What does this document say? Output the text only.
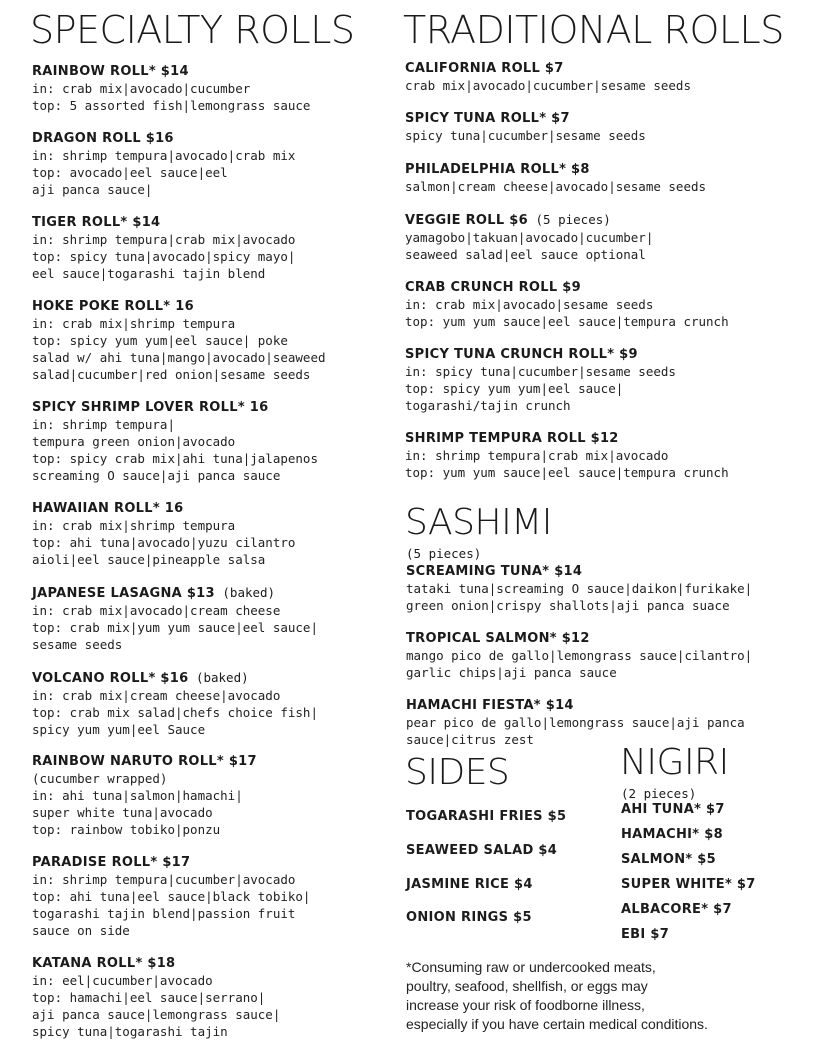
SPECIALTY ROLLS TRADITIONAL ROLLS
SASHIMI
(5 pieces)
SIDES	NIGIRI
(2 pieces)
RAINBOW ROLL* $14
in: crab mix|avocado|cucumber
top: 5 assorted fish|lemongrass sauce
DRAGON ROLL $16
in: shrimp tempura|avocado|crab mix
top: avocado|eel sauce|eel
aji panca sauce|
TIGER ROLL* $14
in: shrimp tempura|crab mix|avocado
top: spicy tuna|avocado|spicy mayo|
eel sauce|togarashi tajin blend
HOKE POKE ROLL* 16
in: crab mix|shrimp tempura
top: spicy yum yum|eel sauce| poke
salad w/ ahi tuna|mango|avocado|seaweed
salad|cucumber|red onion|sesame seeds
SPICY SHRIMP LOVER ROLL* 16
in: shrimp tempura|
tempura green onion|avocado
top: spicy crab mix|ahi tuna|jalapenos
screaming O sauce|aji panca sauce
HAWAIIAN ROLL* 16
in: crab mix|shrimp tempura
top: ahi tuna|avocado|yuzu cilantro
aioli|eel sauce|pineapple salsa
JAPANESE LASAGNA $13 (baked)
in: crab mix|avocado|cream cheese
top: crab mix|yum yum sauce|eel sauce|
sesame seeds
VOLCANO ROLL* $16 (baked)
in: crab mix|cream cheese|avocado
top: crab mix salad|chefs choice fish|
spicy yum yum|eel Sauce
RAINBOW NARUTO ROLL* $17
(cucumber wrapped)
in: ahi tuna|salmon|hamachi|
super white tuna|avocado
top: rainbow tobiko|ponzu
PARADISE ROLL* $17
in: shrimp tempura|cucumber|avocado
top: ahi tuna|eel sauce|black tobiko|
togarashi tajin blend|passion fruit
sauce on side
KATANA ROLL* $18
in: eel|cucumber|avocado
top: hamachi|eel sauce|serrano|
aji panca sauce|lemongrass sauce|
spicy tuna|togarashi tajin
CALIFORNIA ROLL $7
crab mix|avocado|cucumber|sesame seeds
SPICY TUNA ROLL* $7
spicy tuna|cucumber|sesame seeds
PHILADELPHIA ROLL* $8
salmon|cream cheese|avocado|sesame seeds
VEGGIE ROLL $6 (5 pieces)
yamagobo|takuan|avocado|cucumber|
seaweed salad|eel sauce optional
CRAB CRUNCH ROLL $9
in: crab mix|avocado|sesame seeds
top: yum yum sauce|eel sauce|tempura crunch
SPICY TUNA CRUNCH ROLL* $9
in: spicy tuna|cucumber|sesame seeds
top: spicy yum yum|eel sauce|
togarashi/tajin crunch
SHRIMP TEMPURA ROLL $12
in: shrimp tempura|crab mix|avocado
top: yum yum sauce|eel sauce|tempura crunch
SCREAMING TUNA* $14
tataki tuna|screaming O sauce|daikon|furikake|
green onion|crispy shallots|aji panca suace
TROPICAL SALMON* $12
mango pico de gallo|lemongrass sauce|cilantro|
garlic chips|aji panca sauce
HAMACHI FIESTA* $14
pear pico de gallo|lemongrass sauce|aji panca
sauce|citrus zest
TOGARASHI FRIES $5
SEAWEED SALAD $4
JASMINE RICE $4
ONION RINGS $5
AHI TUNA* $7
HAMACHI* $8
SALMON* $5
SUPER WHITE* $7
ALBACORE* $7
EBI $7
*Consuming raw or undercooked meats,
poultry, seafood, shellfish, or eggs may
increase your risk of foodborne illness,
especially if you have certain medical conditions.
